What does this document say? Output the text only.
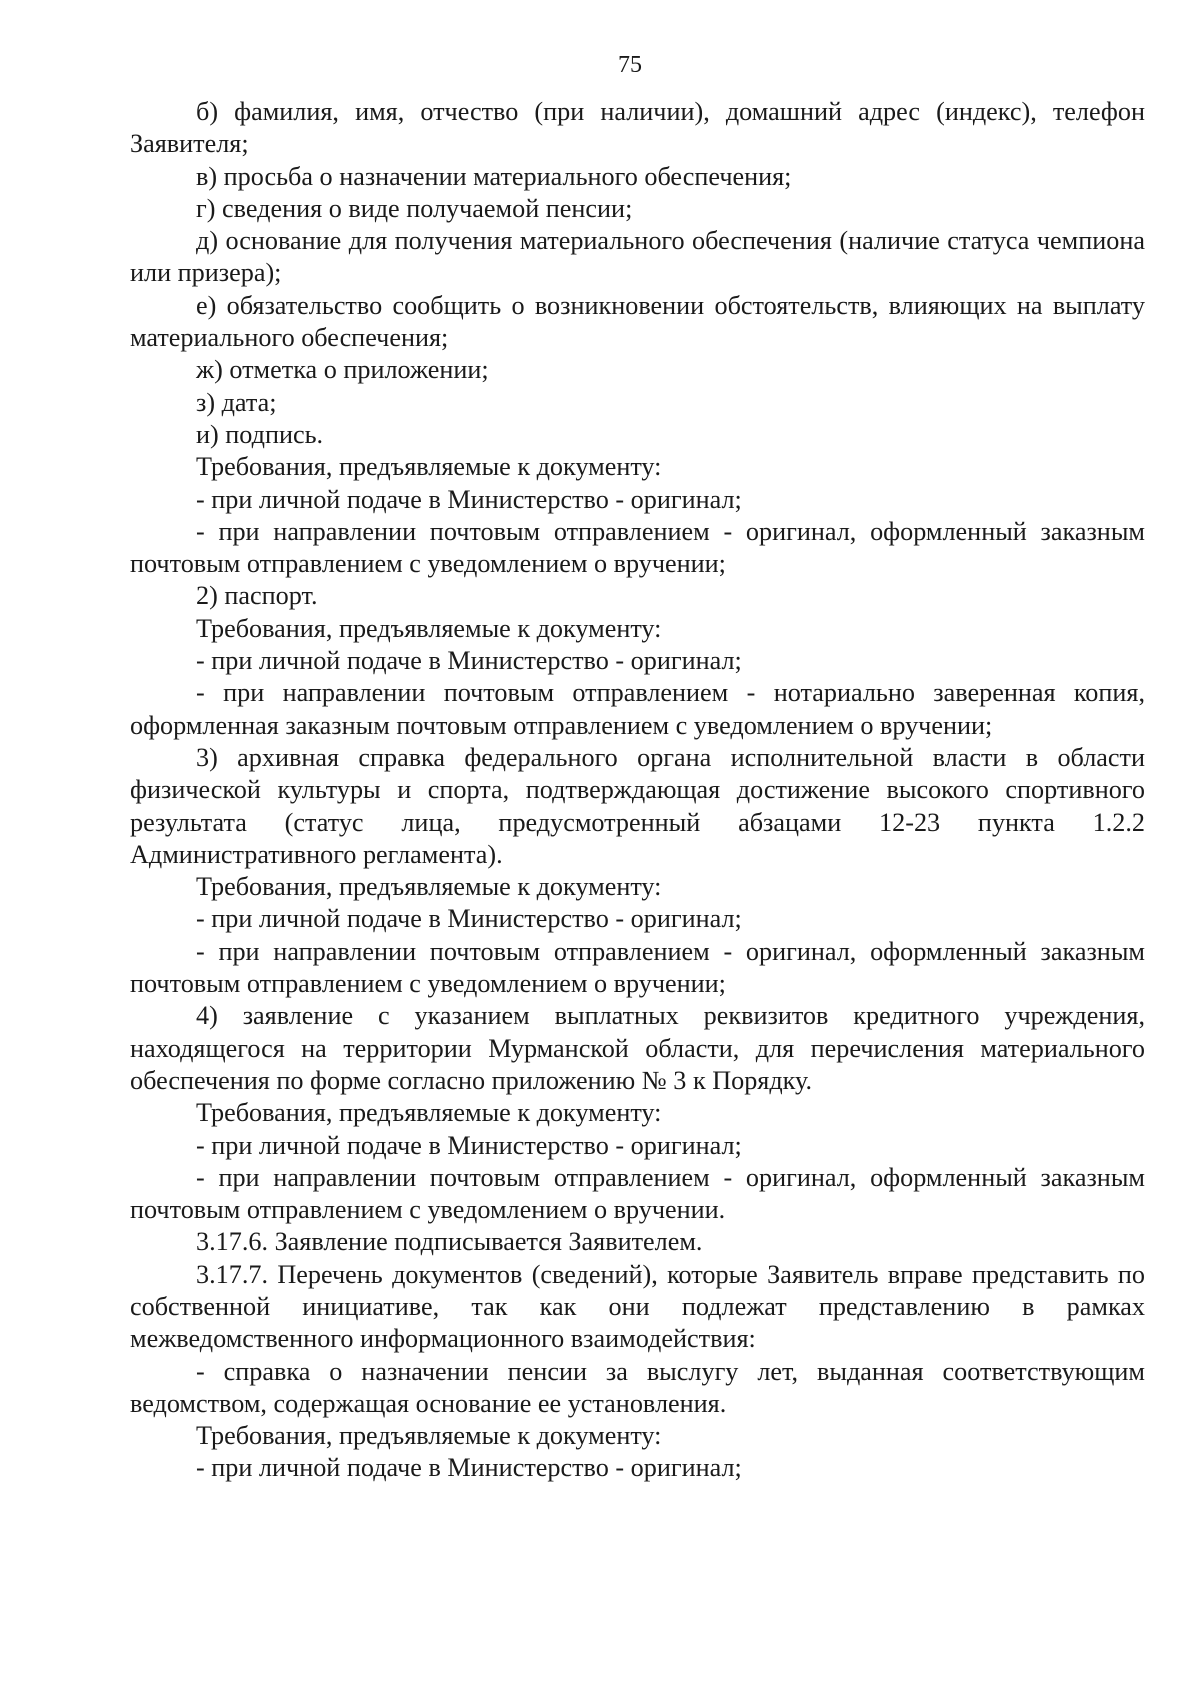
75

б) фамилия, имя, отчество (при наличии), домашний адрес (индекс), телефон Заявителя;

в) просьба о назначении материального обеспечения;

г) сведения о виде получаемой пенсии;

д) основание для получения материального обеспечения (наличие статуса чемпиона или призера);

е) обязательство сообщить о возникновении обстоятельств, влияющих на выплату материального обеспечения;

ж) отметка о приложении;

з) дата;

и) подпись.

Требования, предъявляемые к документу:

- при личной подаче в Министерство - оригинал;

- при направлении почтовым отправлением - оригинал, оформленный заказным почтовым отправлением с уведомлением о вручении;

2) паспорт.

Требования, предъявляемые к документу:

- при личной подаче в Министерство - оригинал;

- при направлении почтовым отправлением - нотариально заверенная копия, оформленная заказным почтовым отправлением с уведомлением о вручении;

3) архивная справка федерального органа исполнительной власти в области физической культуры и спорта, подтверждающая достижение высокого спортивного результата (статус лица, предусмотренный абзацами 12-23 пункта 1.2.2 Административного регламента).

Требования, предъявляемые к документу:

- при личной подаче в Министерство - оригинал;

- при направлении почтовым отправлением - оригинал, оформленный заказным почтовым отправлением с уведомлением о вручении;

4) заявление с указанием выплатных реквизитов кредитного учреждения, находящегося на территории Мурманской области, для перечисления материального обеспечения по форме согласно приложению № 3 к Порядку.

Требования, предъявляемые к документу:

- при личной подаче в Министерство - оригинал;

- при направлении почтовым отправлением - оригинал, оформленный заказным почтовым отправлением с уведомлением о вручении.

3.17.6. Заявление подписывается Заявителем.

3.17.7. Перечень документов (сведений), которые Заявитель вправе представить по собственной инициативе, так как они подлежат представлению в рамках межведомственного информационного взаимодействия:

- справка о назначении пенсии за выслугу лет, выданная соответствующим ведомством, содержащая основание ее установления.

Требования, предъявляемые к документу:

- при личной подаче в Министерство - оригинал;
